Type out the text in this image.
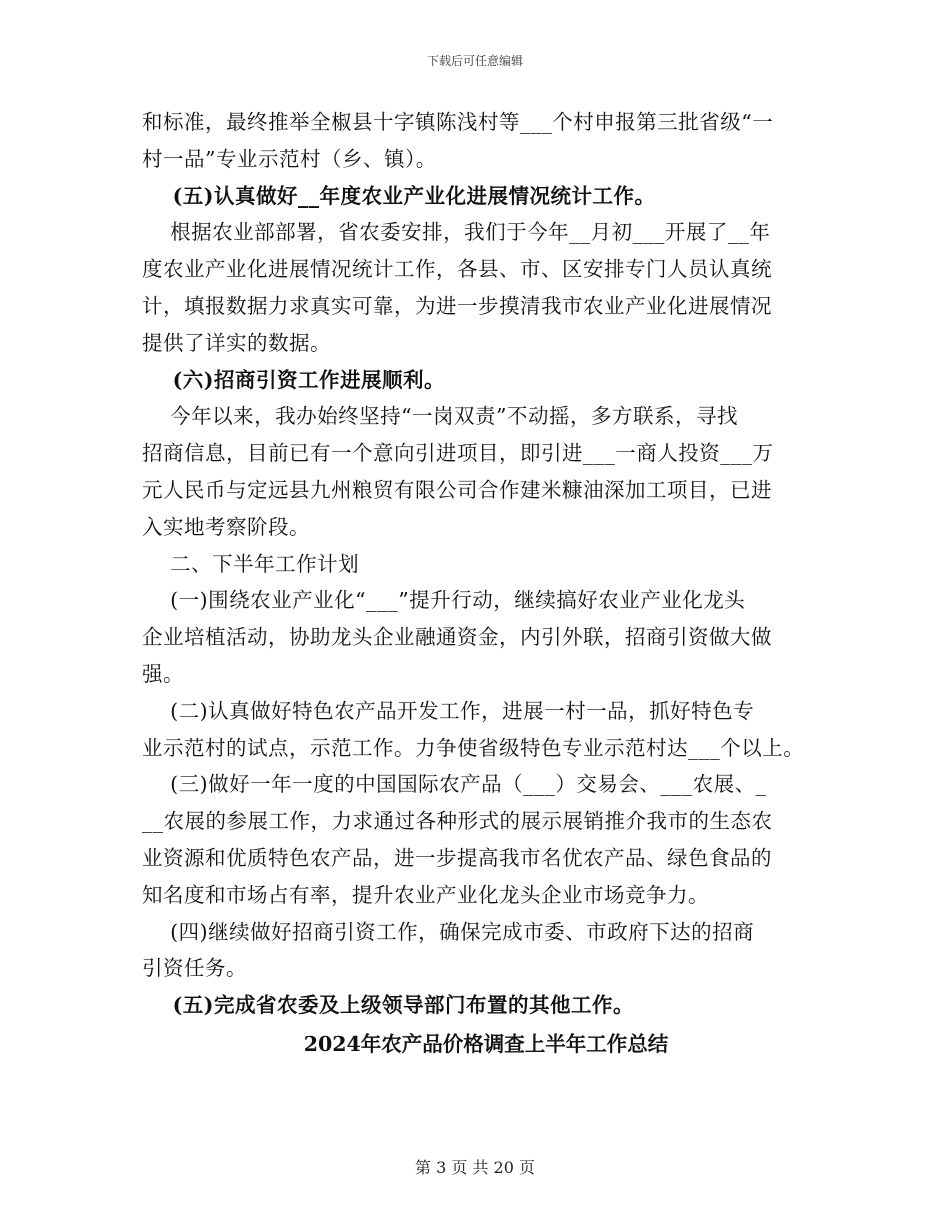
下载后可任意编辑

和标准，最终推举全椒县十字镇陈浅村等___个村申报第三批省级“一

村一品”专业示范村（乡、镇）。

(五)认真做好__年度农业产业化进展情况统计工作。

根据农业部部署，省农委安排，我们于今年__月初___开展了__年

度农业产业化进展情况统计工作，各县、市、区安排专门人员认真统

计，填报数据力求真实可靠，为进一步摸清我市农业产业化进展情况

提供了详实的数据。

(六)招商引资工作进展顺利。

今年以来，我办始终坚持“一岗双责”不动摇，多方联系，寻找

招商信息，目前已有一个意向引进项目，即引进___一商人投资___万

元人民币与定远县九州粮贸有限公司合作建米糠油深加工项目，已进

入实地考察阶段。

二、下半年工作计划

(一)围绕农业产业化“___”提升行动，继续搞好农业产业化龙头

企业培植活动，协助龙头企业融通资金，内引外联，招商引资做大做

强。

(二)认真做好特色农产品开发工作，进展一村一品，抓好特色专

业示范村的试点，示范工作。力争使省级特色专业示范村达___个以上。

(三)做好一年一度的中国国际农产品（___）交易会、___农展、_

__农展的参展工作，力求通过各种形式的展示展销推介我市的生态农

业资源和优质特色农产品，进一步提高我市名优农产品、绿色食品的

知名度和市场占有率，提升农业产业化龙头企业市场竞争力。

(四)继续做好招商引资工作，确保完成市委、市政府下达的招商

引资任务。

(五)完成省农委及上级领导部门布置的其他工作。

2024年农产品价格调查上半年工作总结

第 3 页 共 20 页
